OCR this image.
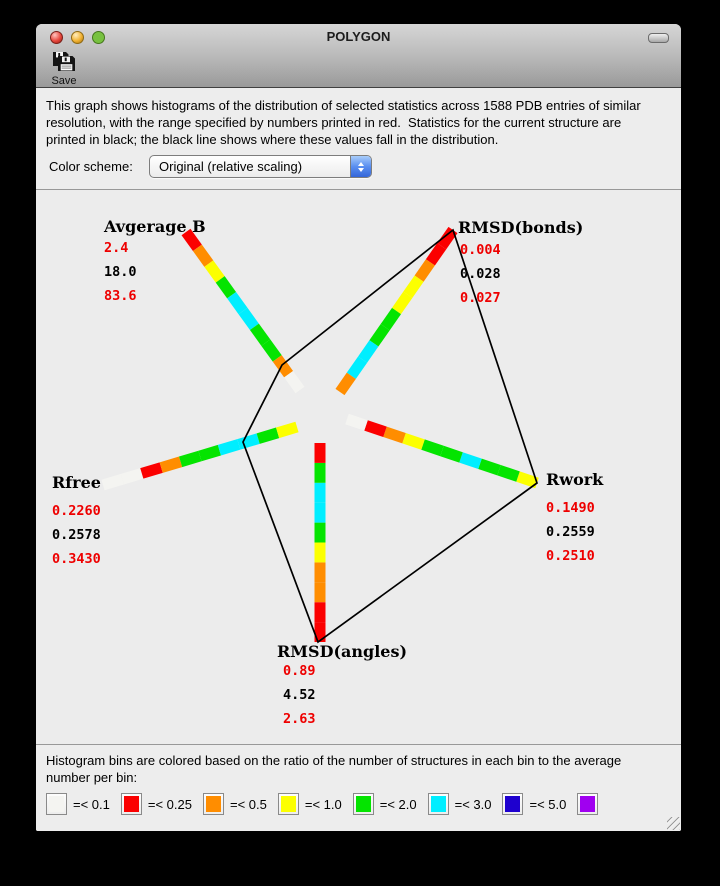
POLYGON
Save
This graph shows histograms of the distribution of selected statistics across 1588 PDB entries of similar resolution, with the range specified by numbers printed in red.  Statistics for the current structure are printed in black; the black line shows where these values fall in the distribution.
Color scheme:	Original (relative scaling)
Avgerage B
2.4
18.0
83.6
RMSD(bonds)
0.004
0.028
0.027
Rwork
0.1490
0.2559
0.2510
RMSD(angles)
0.89
4.52
2.63
Rfree
0.2260
0.2578
0.3430
Histogram bins are colored based on the ratio of the number of structures in each bin to the average number per bin:
=< 0.1	=< 0.25	=< 0.5	=< 1.0	=< 2.0	=< 3.0	=< 5.0
